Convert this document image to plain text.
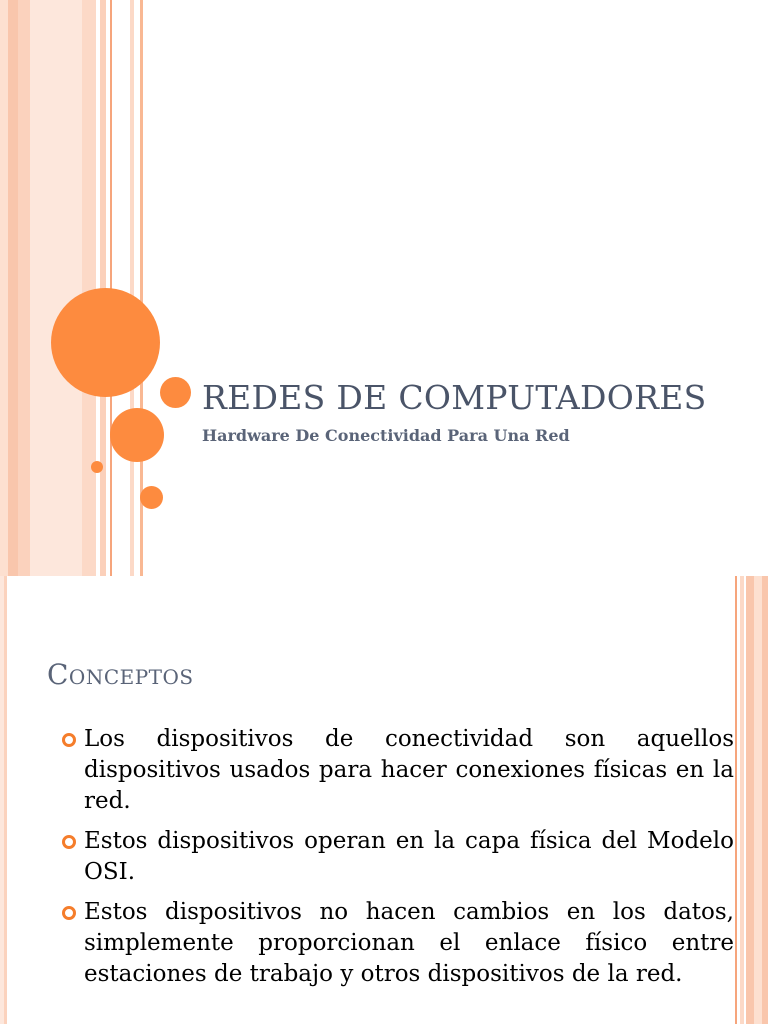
REDES DE COMPUTADORES
Hardware De Conectividad Para Una Red
Conceptos
Los dispositivos de conectividad son aquellos dispositivos usados para hacer conexiones físicas en la red.
Estos dispositivos operan en la capa física del Modelo OSI.
Estos dispositivos no hacen cambios en los datos, simplemente proporcionan el enlace físico entre estaciones de trabajo y otros dispositivos de la red.
